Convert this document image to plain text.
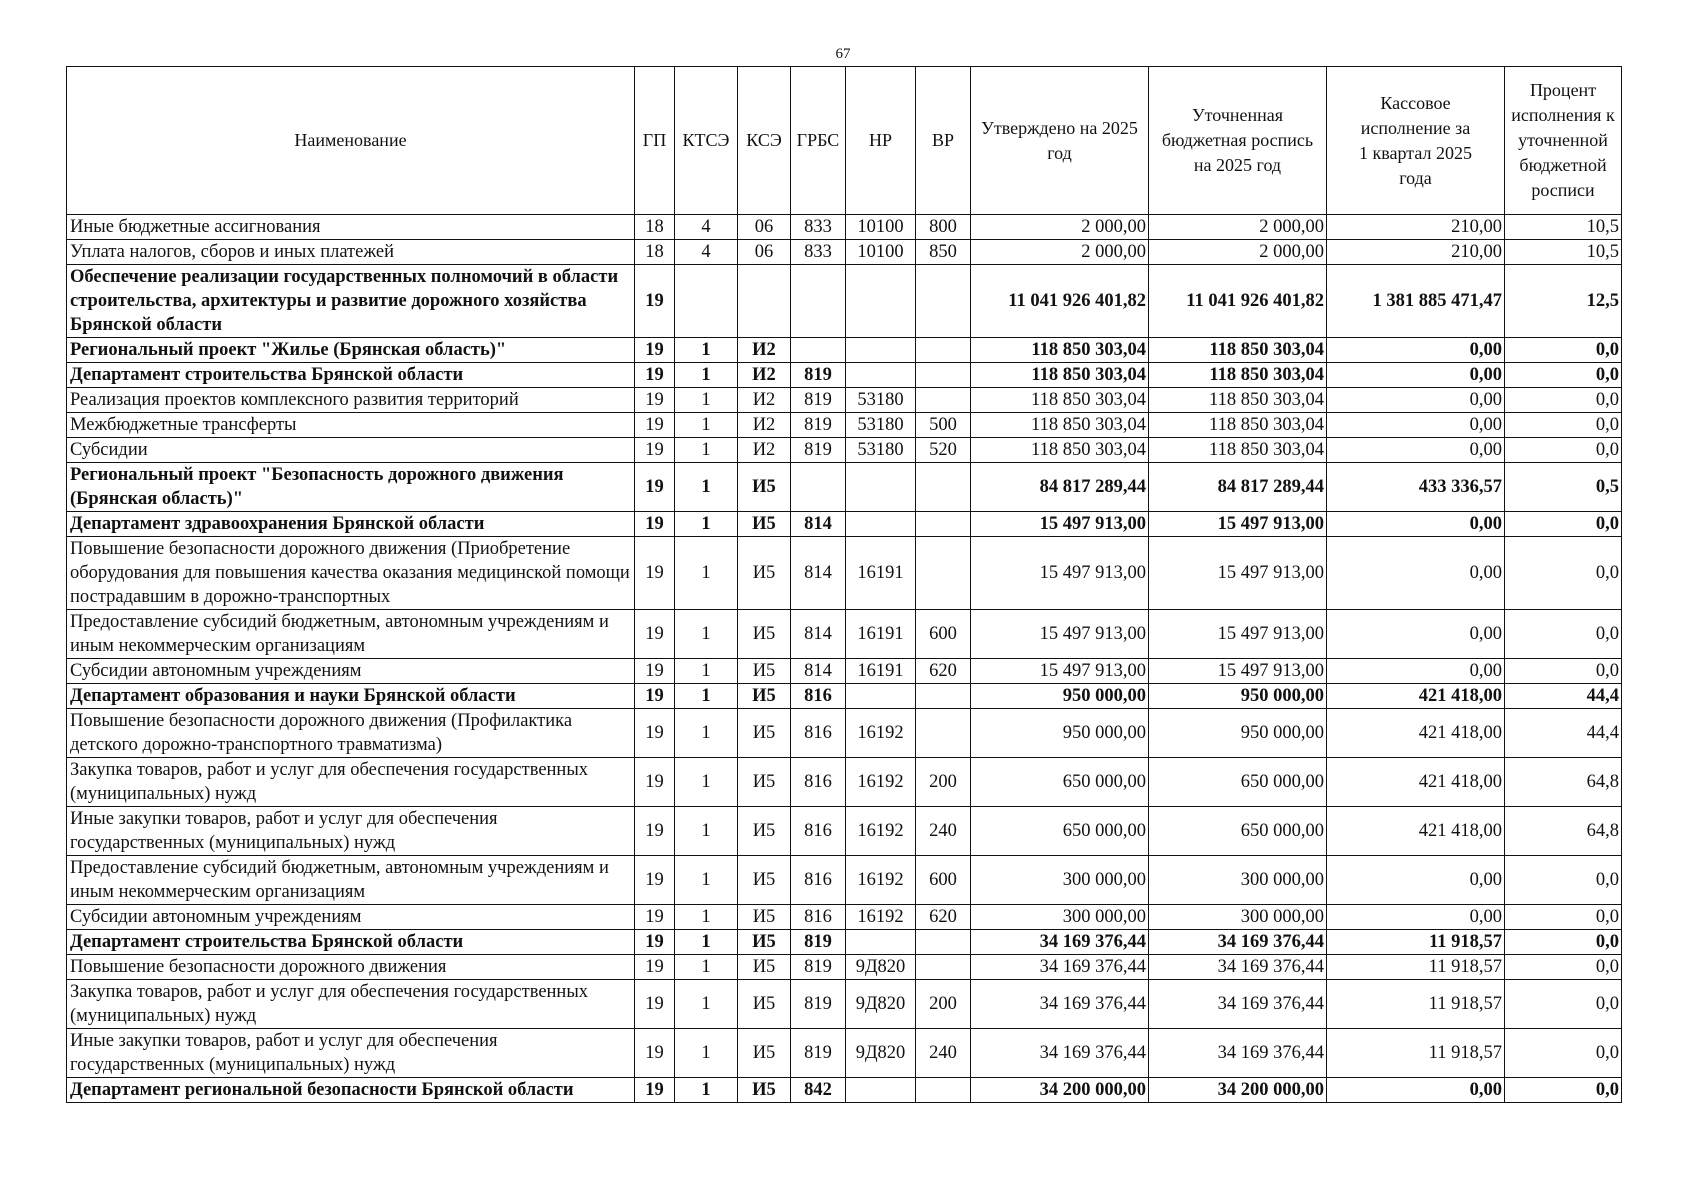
67
Наименование	ГП	КТСЭ	КСЭ	ГРБС	НР	ВР	Утверждено на 2025 год	Уточненная бюджетная роспись на 2025 год	Кассовое исполнение за 1 квартал 2025 года	Процент исполнения к уточненной бюджетной росписи
Иные бюджетные ассигнования	18	4	06	833	10100	800	2 000,00	2 000,00	210,00	10,5
Уплата налогов, сборов и иных платежей	18	4	06	833	10100	850	2 000,00	2 000,00	210,00	10,5
Обеспечение реализации государственных полномочий в области строительства, архитектуры и развитие дорожного хозяйства Брянской области	19						11 041 926 401,82	11 041 926 401,82	1 381 885 471,47	12,5
Региональный проект "Жилье (Брянская область)"	19	1	И2				118 850 303,04	118 850 303,04	0,00	0,0
Департамент строительства Брянской области	19	1	И2	819			118 850 303,04	118 850 303,04	0,00	0,0
Реализация проектов комплексного развития территорий	19	1	И2	819	53180		118 850 303,04	118 850 303,04	0,00	0,0
Межбюджетные трансферты	19	1	И2	819	53180	500	118 850 303,04	118 850 303,04	0,00	0,0
Субсидии	19	1	И2	819	53180	520	118 850 303,04	118 850 303,04	0,00	0,0
Региональный проект "Безопасность дорожного движения (Брянская область)"	19	1	И5				84 817 289,44	84 817 289,44	433 336,57	0,5
Департамент здравоохранения Брянской области	19	1	И5	814			15 497 913,00	15 497 913,00	0,00	0,0
Повышение безопасности дорожного движения (Приобретение оборудования для повышения качества оказания медицинской помощи пострадавшим в дорожно-транспортных	19	1	И5	814	16191		15 497 913,00	15 497 913,00	0,00	0,0
Предоставление субсидий бюджетным, автономным учреждениям и иным некоммерческим организациям	19	1	И5	814	16191	600	15 497 913,00	15 497 913,00	0,00	0,0
Субсидии автономным учреждениям	19	1	И5	814	16191	620	15 497 913,00	15 497 913,00	0,00	0,0
Департамент образования и науки Брянской области	19	1	И5	816			950 000,00	950 000,00	421 418,00	44,4
Повышение безопасности дорожного движения (Профилактика детского дорожно-транспортного травматизма)	19	1	И5	816	16192		950 000,00	950 000,00	421 418,00	44,4
Закупка товаров, работ и услуг для обеспечения государственных (муниципальных) нужд	19	1	И5	816	16192	200	650 000,00	650 000,00	421 418,00	64,8
Иные закупки товаров, работ и услуг для обеспечения государственных (муниципальных) нужд	19	1	И5	816	16192	240	650 000,00	650 000,00	421 418,00	64,8
Предоставление субсидий бюджетным, автономным учреждениям и иным некоммерческим организациям	19	1	И5	816	16192	600	300 000,00	300 000,00	0,00	0,0
Субсидии автономным учреждениям	19	1	И5	816	16192	620	300 000,00	300 000,00	0,00	0,0
Департамент строительства Брянской области	19	1	И5	819			34 169 376,44	34 169 376,44	11 918,57	0,0
Повышение безопасности дорожного движения	19	1	И5	819	9Д820		34 169 376,44	34 169 376,44	11 918,57	0,0
Закупка товаров, работ и услуг для обеспечения государственных (муниципальных) нужд	19	1	И5	819	9Д820	200	34 169 376,44	34 169 376,44	11 918,57	0,0
Иные закупки товаров, работ и услуг для обеспечения государственных (муниципальных) нужд	19	1	И5	819	9Д820	240	34 169 376,44	34 169 376,44	11 918,57	0,0
Департамент региональной безопасности Брянской области	19	1	И5	842			34 200 000,00	34 200 000,00	0,00	0,0
